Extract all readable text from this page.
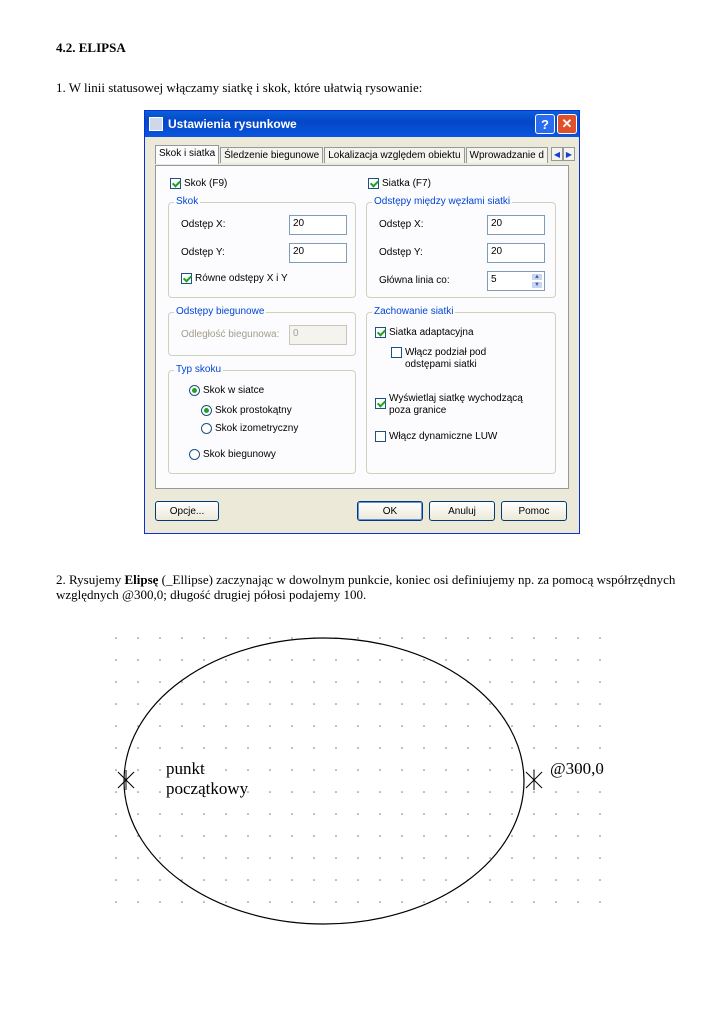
4.2. ELIPSA
1. W linii statusowej włączamy siatkę i skok, które ułatwią rysowanie:
Ustawienia rysunkowe	? ✕
Skok i siatka Śledzenie biegunowe Lokalizacja względem obiektu Wprowadzanie d	◀ ▶
Skok (F9)	Siatka (F7)
Skok
Odstęp X:	20
Odstęp Y:	20
Równe odstępy X i Y
Odstępy między węzłami siatki
Odstęp X:	20
Odstęp Y:	20
Główna linia co:	5	▲
▼
Odstępy biegunowe
Odległość biegunowa:	0
Typ skoku
Skok w siatce
Skok prostokątny
Skok izometryczny
Skok biegunowy
Zachowanie siatki
Siatka adaptacyjna
Włącz podział pod
odstępami siatki
Wyświetlaj siatkę wychodzącą
poza granice
Włącz dynamiczne LUW
Opcje...	OK	Anuluj	Pomoc
2. Rysujemy Elipsę (_Ellipse) zaczynając w dowolnym punkcie, koniec osi definiujemy np. za pomocą współrzędnych względnych @300,0; długość drugiej półosi podajemy 100.
punkt
początkowy
@300,0
